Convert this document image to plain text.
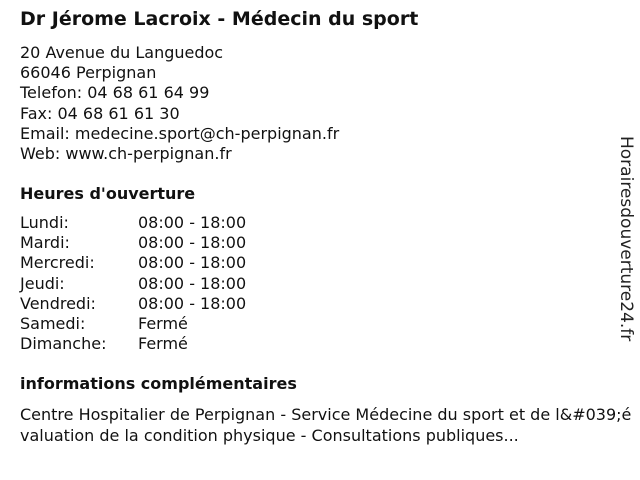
Dr Jérome Lacroix - Médecin du sport
20 Avenue du Languedoc
66046 Perpignan
Telefon: 04 68 61 64 99
Fax: 04 68 61 61 30
Email: medecine.sport@ch-perpignan.fr
Web: www.ch-perpignan.fr
Heures d'ouverture
Lundi:	08:00 - 18:00
Mardi:	08:00 - 18:00
Mercredi:	08:00 - 18:00
Jeudi:	08:00 - 18:00
Vendredi:	08:00 - 18:00
Samedi:	Fermé
Dimanche: Fermé
informations complémentaires
Centre Hospitalier de Perpignan - Service Médecine du sport et de l&#039;évaluation de la condition physique - Consultations publiques...
Horairesdouverture24.fr
